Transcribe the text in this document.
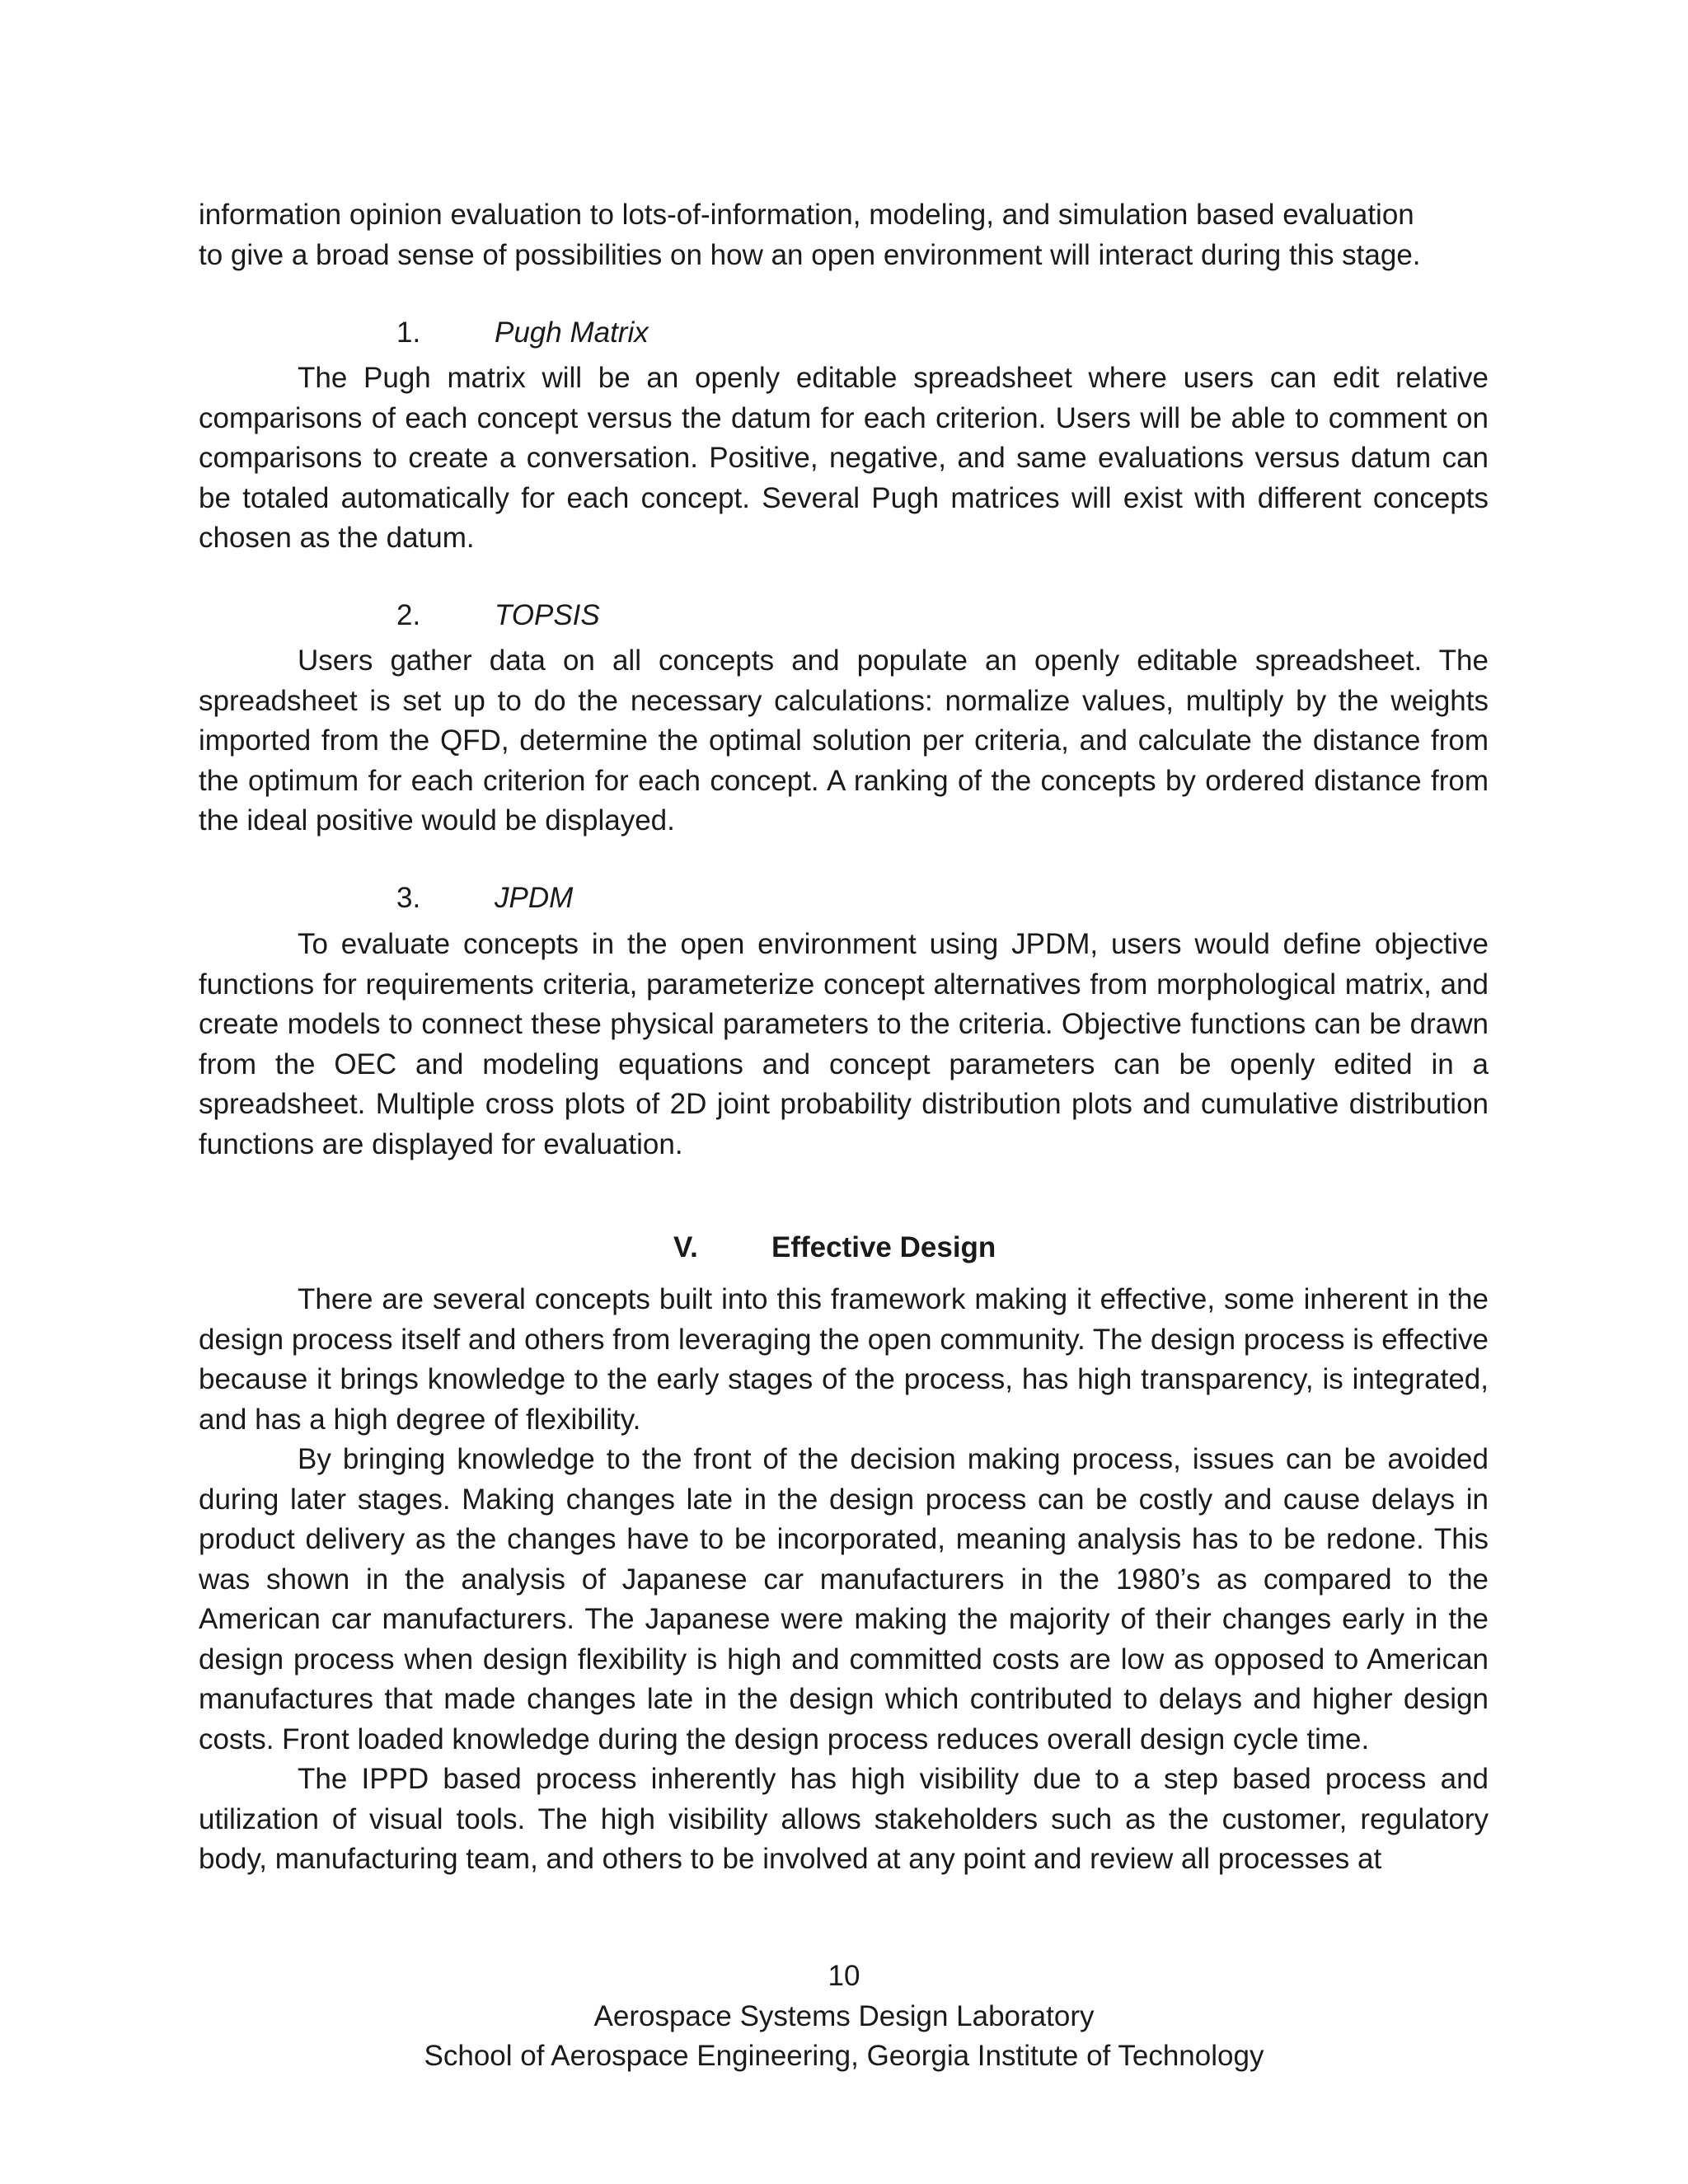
information opinion evaluation to lots-of-information, modeling, and simulation based evaluation
to give a broad sense of possibilities on how an open environment will interact during this stage.
1.	Pugh Matrix
The Pugh matrix will be an openly editable spreadsheet where users can edit relative comparisons of each concept versus the datum for each criterion. Users will be able to comment on comparisons to create a conversation. Positive, negative, and same evaluations versus datum can be totaled automatically for each concept. Several Pugh matrices will exist with different concepts chosen as the datum.
2.	TOPSIS
Users gather data on all concepts and populate an openly editable spreadsheet. The spreadsheet is set up to do the necessary calculations: normalize values, multiply by the weights imported from the QFD, determine the optimal solution per criteria, and calculate the distance from the optimum for each criterion for each concept. A ranking of the concepts by ordered distance from the ideal positive would be displayed.
3.	JPDM
To evaluate concepts in the open environment using JPDM, users would define objective functions for requirements criteria, parameterize concept alternatives from morphological matrix, and create models to connect these physical parameters to the criteria. Objective functions can be drawn from the OEC and modeling equations and concept parameters can be openly edited in a spreadsheet. Multiple cross plots of 2D joint probability distribution plots and cumulative distribution functions are displayed for evaluation.
V.	Effective Design
There are several concepts built into this framework making it effective, some inherent in the design process itself and others from leveraging the open community. The design process is effective because it brings knowledge to the early stages of the process, has high transparency, is integrated, and has a high degree of flexibility.
By bringing knowledge to the front of the decision making process, issues can be avoided during later stages. Making changes late in the design process can be costly and cause delays in product delivery as the changes have to be incorporated, meaning analysis has to be redone. This was shown in the analysis of Japanese car manufacturers in the 1980’s as compared to the American car manufacturers. The Japanese were making the majority of their changes early in the design process when design flexibility is high and committed costs are low as opposed to American manufactures that made changes late in the design which contributed to delays and higher design costs. Front loaded knowledge during the design process reduces overall design cycle time.
The IPPD based process inherently has high visibility due to a step based process and utilization of visual tools. The high visibility allows stakeholders such as the customer, regulatory body, manufacturing team, and others to be involved at any point and review all processes at
10
Aerospace Systems Design Laboratory
School of Aerospace Engineering, Georgia Institute of Technology
